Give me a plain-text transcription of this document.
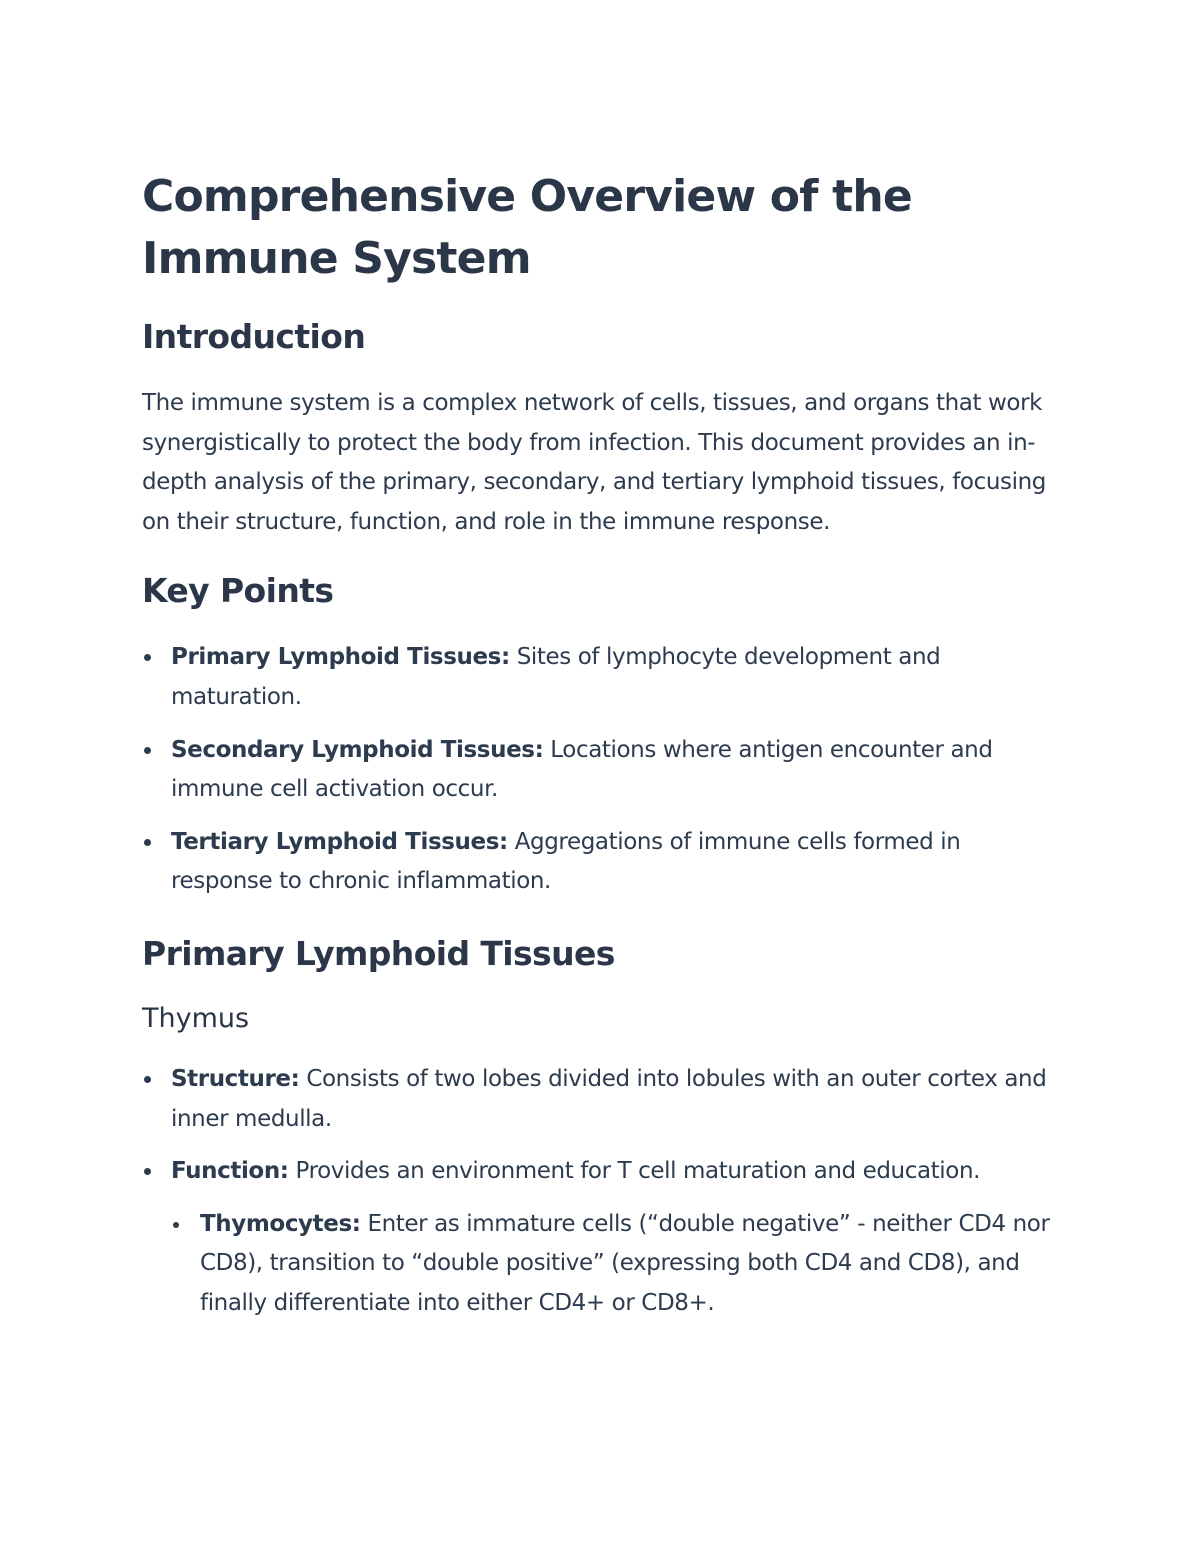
Comprehensive Overview of the Immune System
Introduction

The immune system is a complex network of cells, tissues, and organs that work synergistically to protect the body from infection. This document provides an in-depth analysis of the primary, secondary, and tertiary lymphoid tissues, focusing on their structure, function, and role in the immune response.

Key Points
Primary Lymphoid Tissues: Sites of lymphocyte development and maturation.
Secondary Lymphoid Tissues: Locations where antigen encounter and immune cell activation occur.
Tertiary Lymphoid Tissues: Aggregations of immune cells formed in response to chronic inflammation.
Primary Lymphoid Tissues
Thymus
Structure: Consists of two lobes divided into lobules with an outer cortex and inner medulla.
Function: Provides an environment for T cell maturation and education.
Thymocytes: Enter as immature cells (“double negative” - neither CD4 nor CD8), transition to “double positive” (expressing both CD4 and CD8), and finally differentiate into either CD4+ or CD8+.
